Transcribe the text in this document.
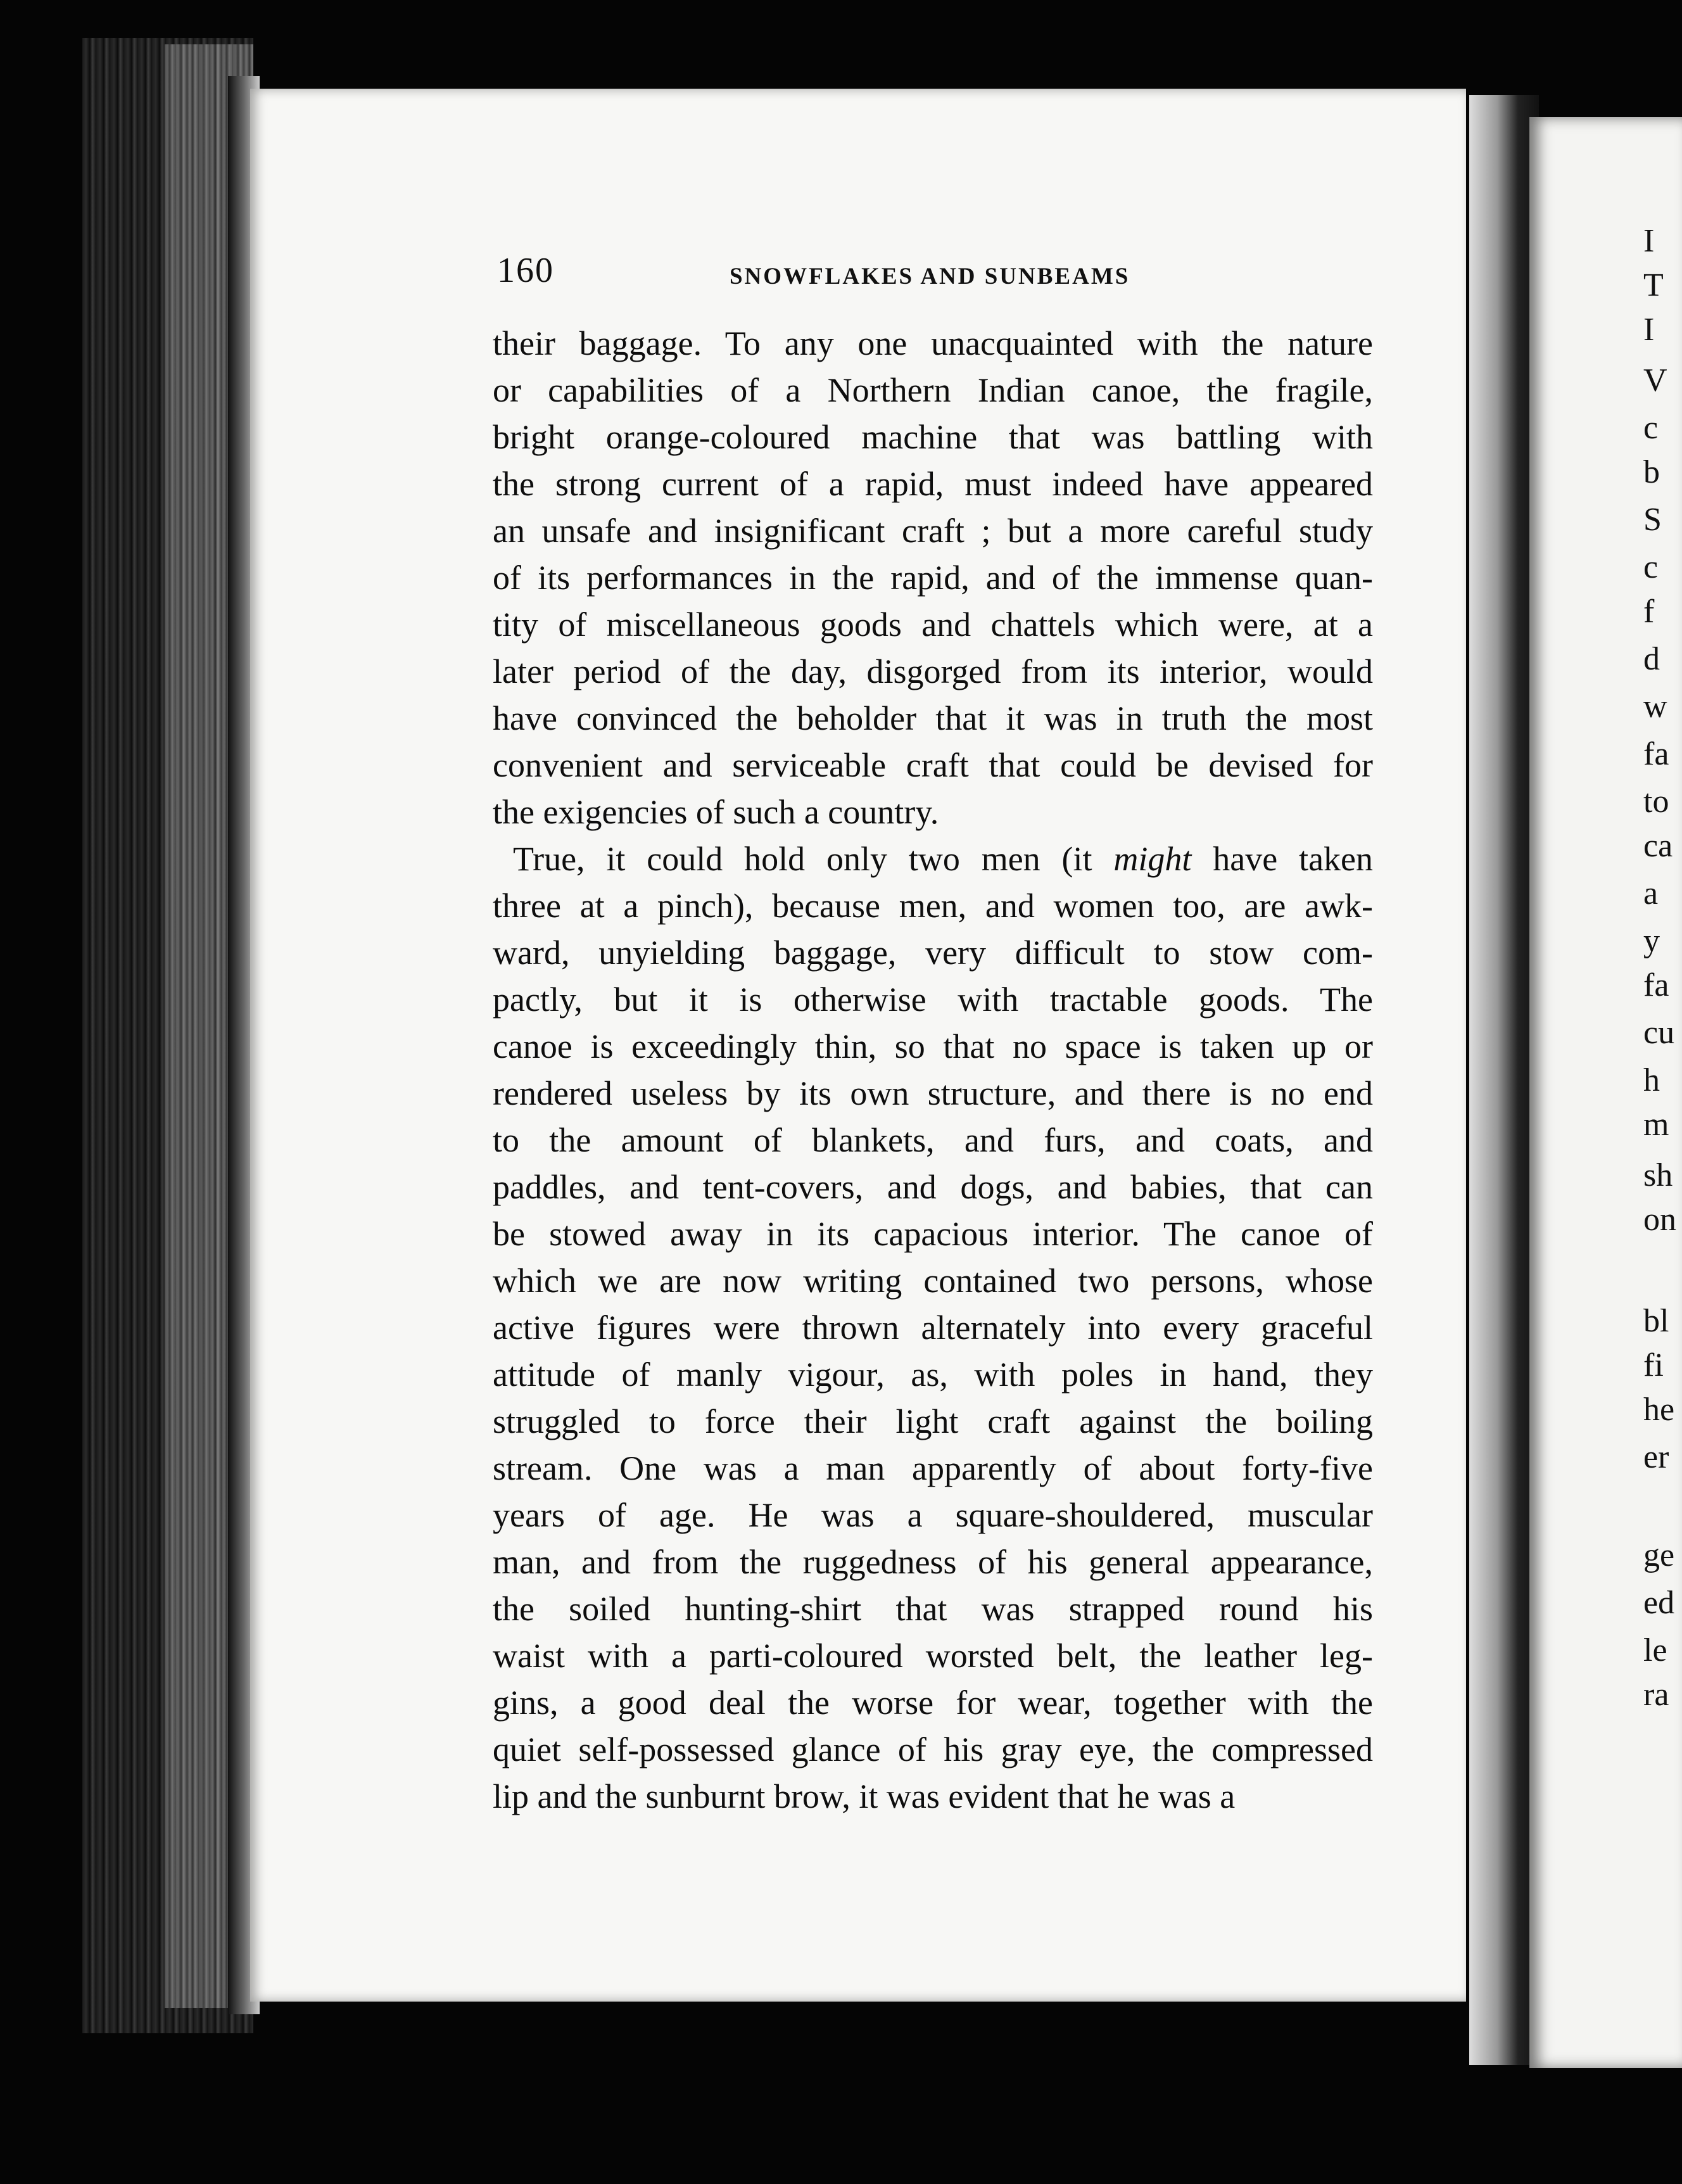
I
T
I
V
c
b
S
c
f
d
w
fa
to
ca
a
y
fa
cu
h
m
sh
on
bl
fi
he
er
ge
ed
le
ra
160	SNOWFLAKES AND SUNBEAMS
their baggage. To any one unacquainted with the nature
or capabilities of a Northern Indian canoe, the fragile,
bright orange-coloured machine that was battling with
the strong current of a rapid, must indeed have appeared
an unsafe and insignificant craft ; but a more careful study
of its performances in the rapid, and of the immense quan-
tity of miscellaneous goods and chattels which were, at a
later period of the day, disgorged from its interior, would
have convinced the beholder that it was in truth the most
convenient and serviceable craft that could be devised for
the exigencies of such a country.
True, it could hold only two men (it might have taken
three at a pinch), because men, and women too, are awk-
ward, unyielding baggage, very difficult to stow com-
pactly, but it is otherwise with tractable goods. The
canoe is exceedingly thin, so that no space is taken up or
rendered useless by its own structure, and there is no end
to the amount of blankets, and furs, and coats, and
paddles, and tent-covers, and dogs, and babies, that can
be stowed away in its capacious interior. The canoe of
which we are now writing contained two persons, whose
active figures were thrown alternately into every graceful
attitude of manly vigour, as, with poles in hand, they
struggled to force their light craft against the boiling
stream. One was a man apparently of about forty-five
years of age. He was a square-shouldered, muscular
man, and from the ruggedness of his general appearance,
the soiled hunting-shirt that was strapped round his
waist with a parti-coloured worsted belt, the leather leg-
gins, a good deal the worse for wear, together with the
quiet self-possessed glance of his gray eye, the compressed
lip and the sunburnt brow, it was evident that he was a
